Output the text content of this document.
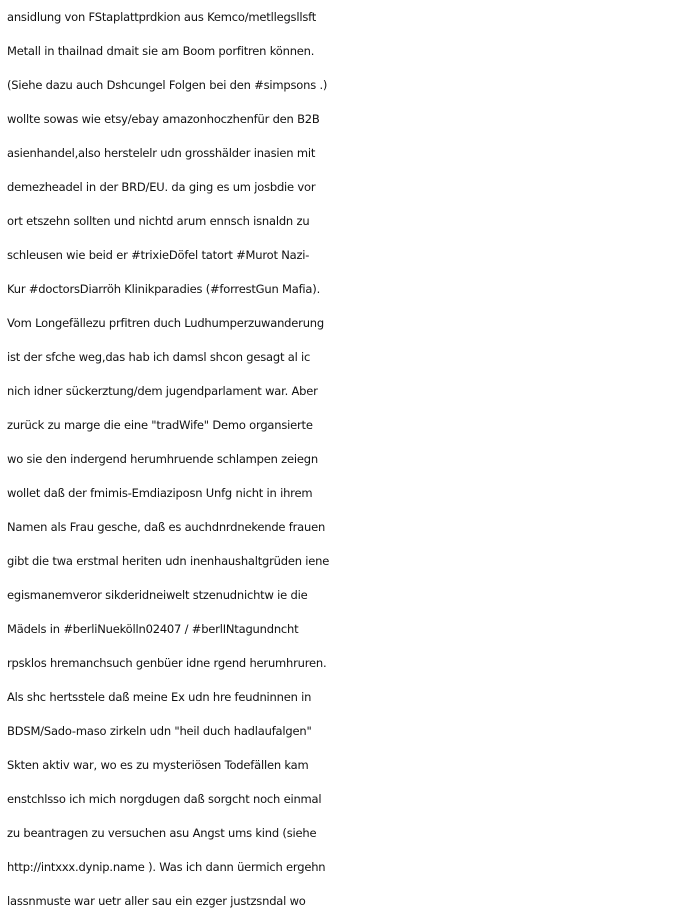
ansidlung von FStaplattprdkion aus Kemco/metllegsllsft
Metall in thailnad dmait sie am Boom porfitren können.
(Siehe dazu auch Dshcungel Folgen bei den #simpsons .)
wollte sowas wie etsy/ebay amazonhoczhenfür den B2B
asienhandel,also herstelelr udn grosshälder inasien mit
demezheadel in der BRD/EU. da ging es um josbdie vor
ort etszehn sollten und nichtd arum ennsch isnaldn zu
schleusen wie beid er #trixieDöfel tatort #Murot Nazi-
Kur #doctorsDiarröh Klinikparadies (#forrestGun Mafia).
Vom Longefällezu prfitren duch Ludhumperzuwanderung
ist der sfche weg,das hab ich damsl shcon gesagt al ic
nich idner sückerztung/dem jugendparlament war. Aber
zurück zu marge die eine "tradWife" Demo organsierte
wo sie den indergend herumhruende schlampen zeiegn
wollet daß der fmimis-Emdiaziposn Unfg nicht in ihrem
Namen als Frau gesche, daß es auchdnrdnekende frauen
gibt die twa erstmal heriten udn inenhaushaltgrüden iene
egismanemveror sikderidneiwelt stzenudnichtw ie die
Mädels in #berliNuekölln02407 / #berlINtagundncht
rpsklos hremanchsuch genbüer idne rgend herumhruren.
Als shc hertsstele daß meine Ex udn hre feudninnen in
BDSM/Sado-maso zirkeln udn "heil duch hadlaufalgen"
Skten aktiv war, wo es zu mysteriösen Todefällen kam
enstchlsso ich mich norgdugen daß sorgcht noch einmal
zu beantragen zu versuchen asu Angst ums kind (siehe
http://intxxx.dynip.name ). Was ich dann üermich ergehn
lassnmuste war uetr aller sau ein ezger justzsndal wo
